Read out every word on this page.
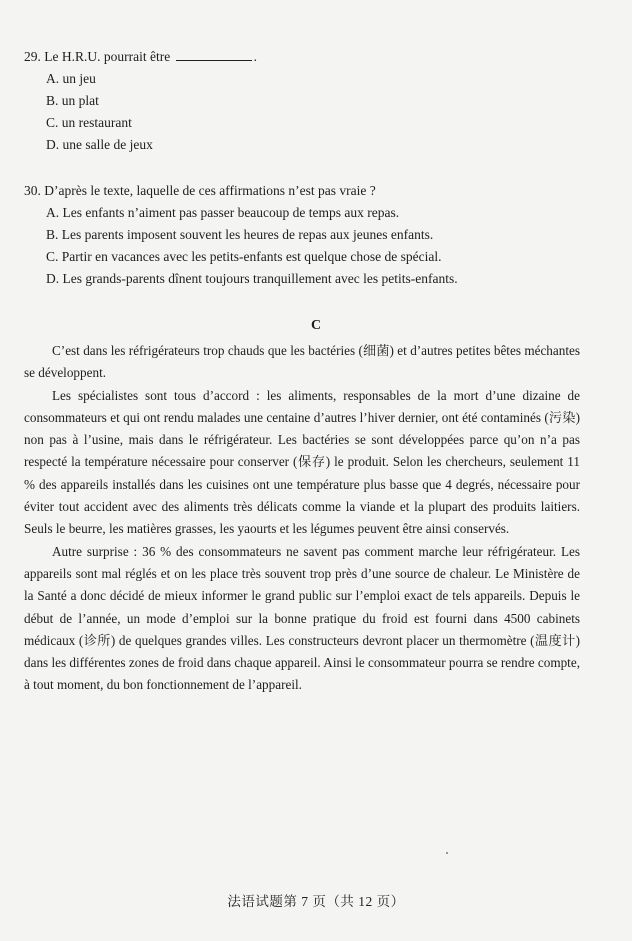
29. Le H.R.U. pourrait être	.
A. un jeu
B. un plat
C. un restaurant
D. une salle de jeux
30. D’après le texte, laquelle de ces affirmations n’est pas vraie ?
A. Les enfants n’aiment pas passer beaucoup de temps aux repas.
B. Les parents imposent souvent les heures de repas aux jeunes enfants.
C. Partir en vacances avec les petits-enfants est quelque chose de spécial.
D. Les grands-parents dînent toujours tranquillement avec les petits-enfants.
C

C’est dans les réfrigérateurs trop chauds que les bactéries (细菌) et d’autres petites bêtes méchantes se développent.

Les spécialistes sont tous d’accord : les aliments, responsables de la mort d’une dizaine de consommateurs et qui ont rendu malades une centaine d’autres l’hiver dernier, ont été contaminés (污染) non pas à l’usine, mais dans le réfrigérateur. Les bactéries se sont développées parce qu’on n’a pas respecté la température nécessaire pour conserver (保存) le produit. Selon les chercheurs, seulement 11 % des appareils installés dans les cuisines ont une température plus basse que 4 degrés, nécessaire pour éviter tout accident avec des aliments très délicats comme la viande et la plupart des produits laitiers. Seuls le beurre, les matières grasses, les yaourts et les légumes peuvent être ainsi conservés.

Autre surprise : 36 % des consommateurs ne savent pas comment marche leur réfrigérateur. Les appareils sont mal réglés et on les place très souvent trop près d’une source de chaleur. Le Ministère de la Santé a donc décidé de mieux informer le grand public sur l’emploi exact de tels appareils. Depuis le début de l’année, un mode d’emploi sur la bonne pratique du froid est fourni dans 4500 cabinets médicaux (诊所) de quelques grandes villes. Les constructeurs devront placer un thermomètre (温度计) dans les différentes zones de froid dans chaque appareil. Ainsi le consommateur pourra se rendre compte, à tout moment, du bon fonctionnement de l’appareil.

法语试题第 7 页（共 12 页）
